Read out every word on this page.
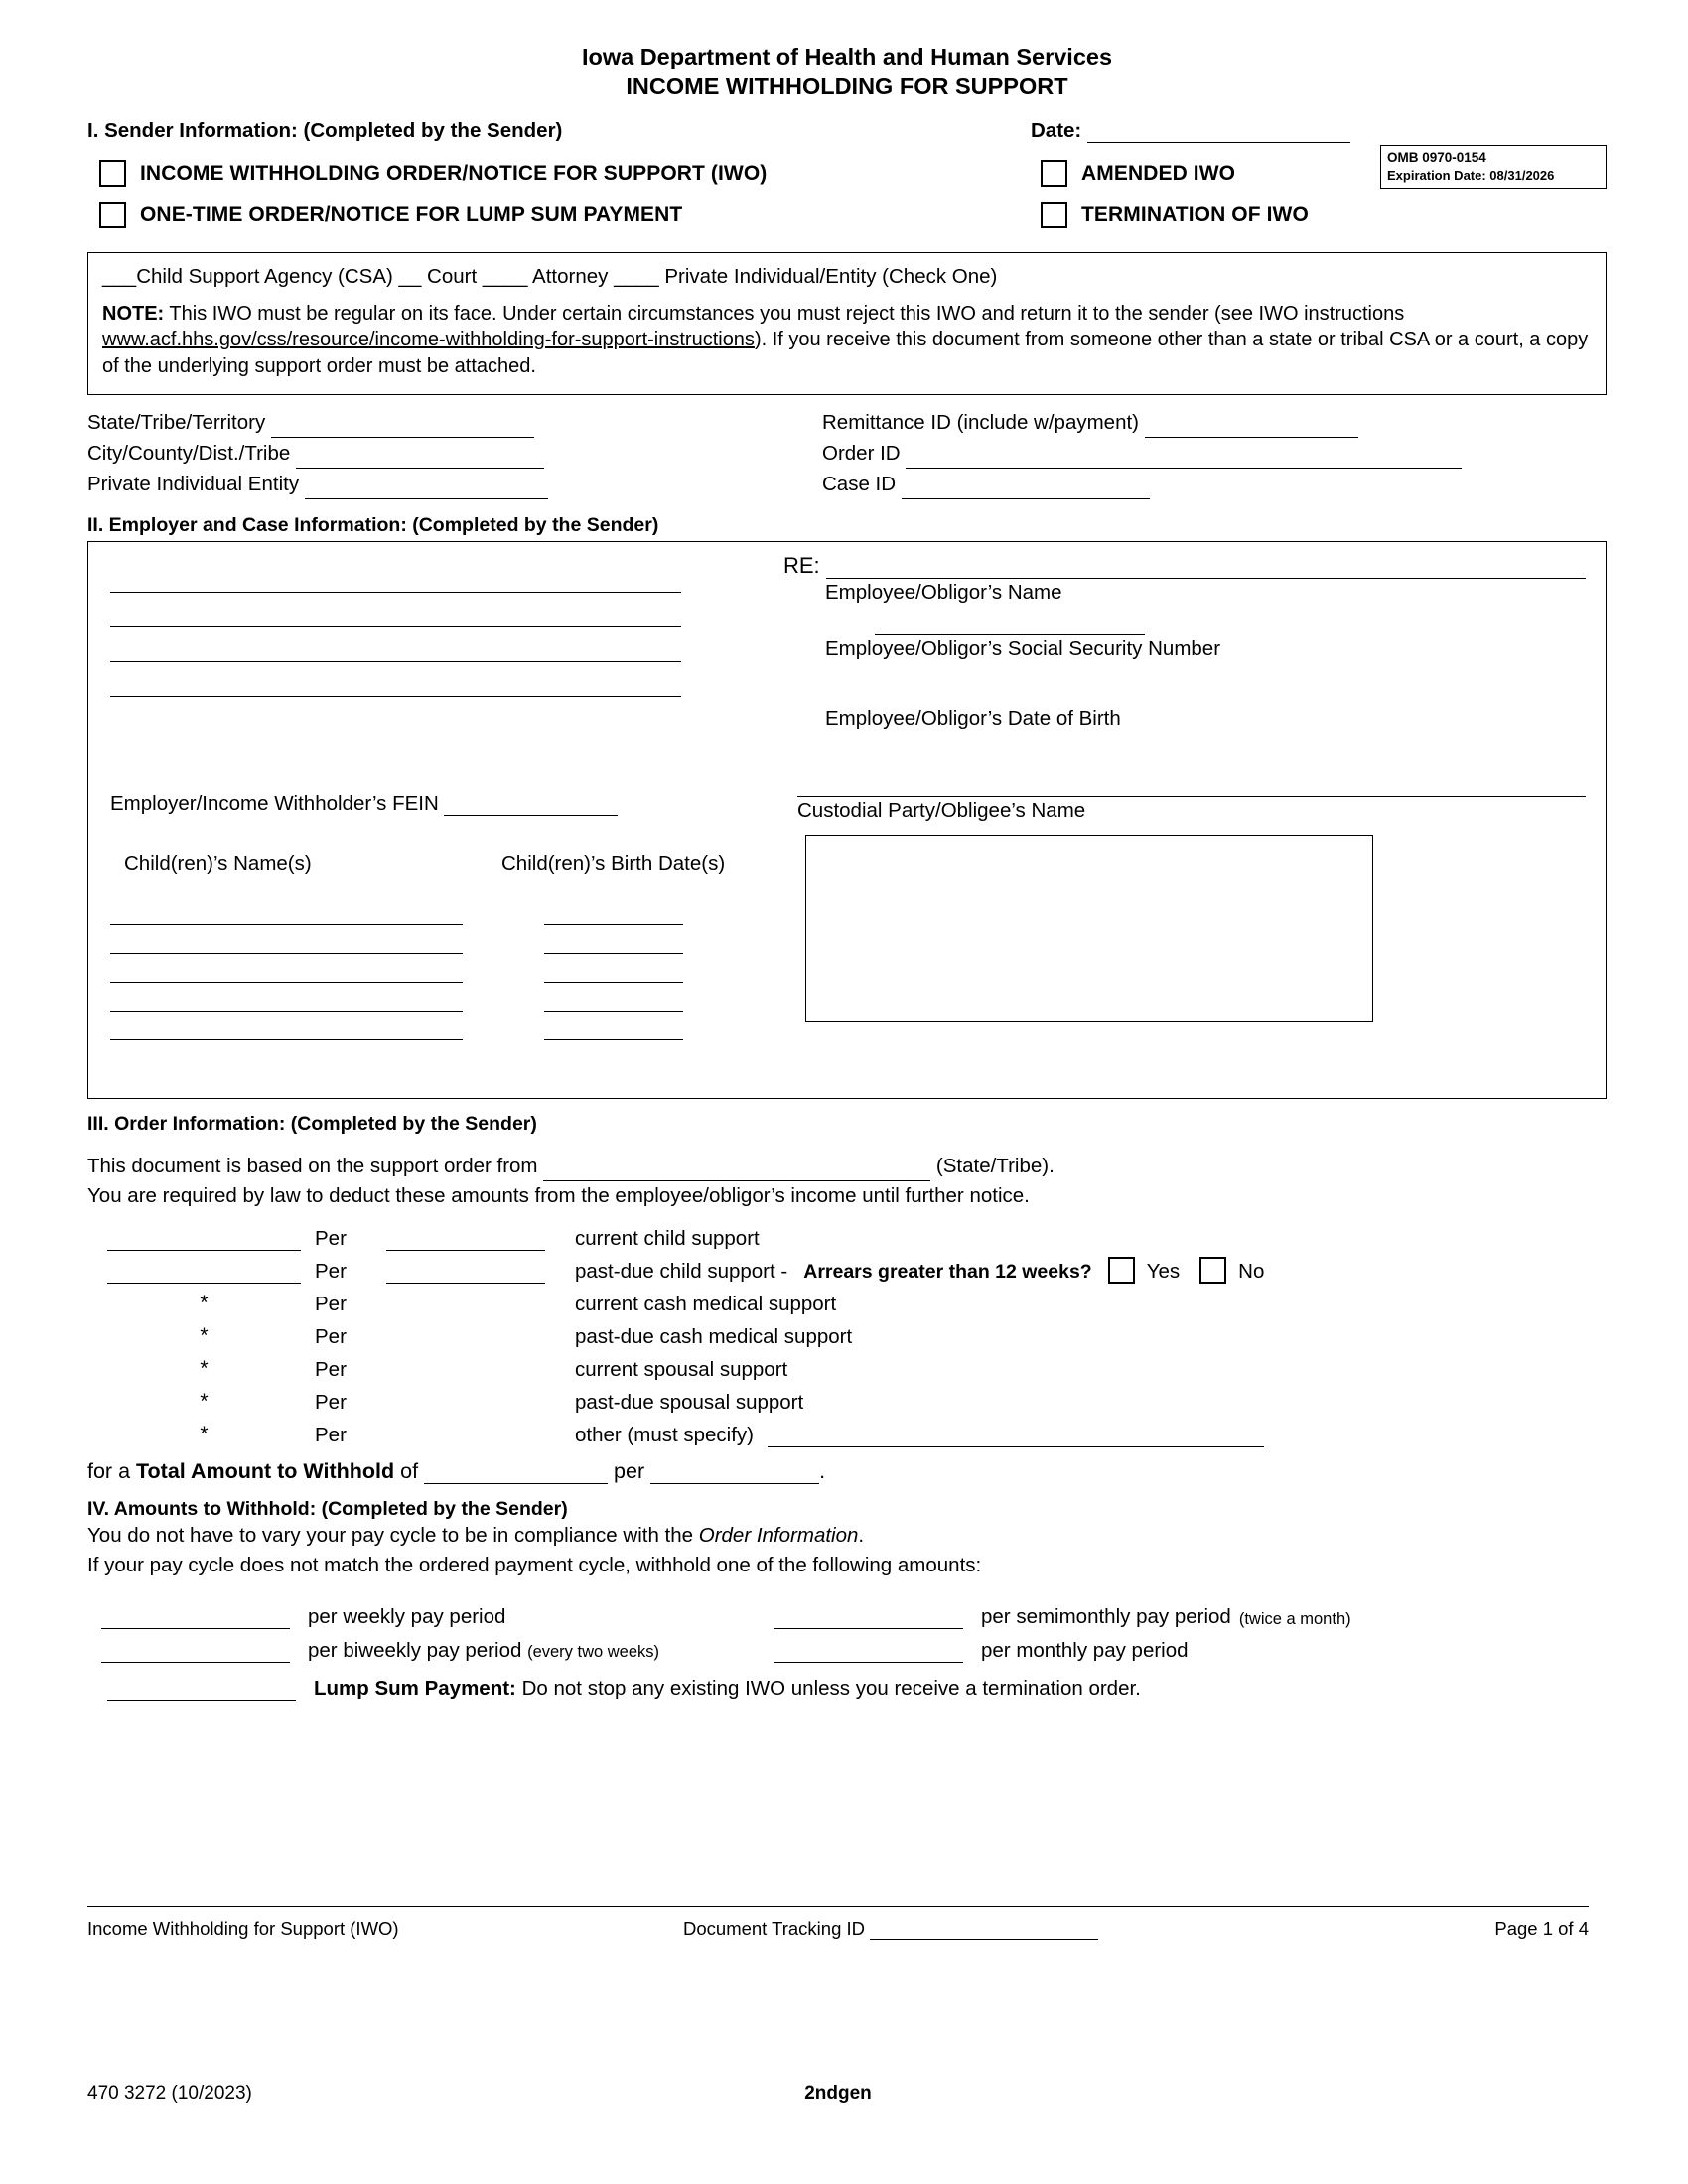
Iowa Department of Health and Human Services
INCOME WITHHOLDING FOR SUPPORT
OMB 0970-0154
Expiration Date: 08/31/2026
I. Sender Information: (Completed by the Sender)	Date:
INCOME WITHHOLDING ORDER/NOTICE FOR SUPPORT (IWO)	AMENDED IWO
ONE-TIME ORDER/NOTICE FOR LUMP SUM PAYMENT	TERMINATION OF IWO
___Child Support Agency (CSA) __ Court ____ Attorney ____ Private Individual/Entity (Check One)
NOTE: This IWO must be regular on its face. Under certain circumstances you must reject this IWO and return it to the sender (see IWO instructions www.acf.hhs.gov/css/resource/income-withholding-for-support-instructions). If you receive this document from someone other than a state or tribal CSA or a court, a copy of the underlying support order must be attached.
State/Tribe/Territory
City/County/Dist./Tribe
Private Individual Entity
Remittance ID (include w/payment)
Order ID
Case ID
II. Employer and Case Information: (Completed by the Sender)
Employer/Income Withholder’s FEIN
Child(ren)’s Name(s)	Child(ren)’s Birth Date(s)
RE:
Employee/Obligor’s Name
Employee/Obligor’s Social Security Number
Employee/Obligor’s Date of Birth
Custodial Party/Obligee’s Name
III. Order Information: (Completed by the Sender)
This document is based on the support order from	(State/Tribe).
You are required by law to deduct these amounts from the employee/obligor’s income until further notice.
Per	current child support
Per	past-due child support - Arrears greater than 12 weeks?	Yes	No
*	Per	current cash medical support
*	Per	past-due cash medical support
*	Per	current spousal support
*	Per	past-due spousal support
*	Per	other (must specify)
for a Total Amount to Withhold of	per	.
IV. Amounts to Withhold: (Completed by the Sender)
You do not have to vary your pay cycle to be in compliance with the Order Information.
If your pay cycle does not match the ordered payment cycle, withhold one of the following amounts:
per weekly pay period	per semimonthly pay period (twice a month)
per biweekly pay period (every two weeks)	per monthly pay period
Lump Sum Payment: Do not stop any existing IWO unless you receive a termination order.
Income Withholding for Support (IWO)	Document Tracking ID	Page 1 of 4
470 3272 (10/2023)	2ndgen
